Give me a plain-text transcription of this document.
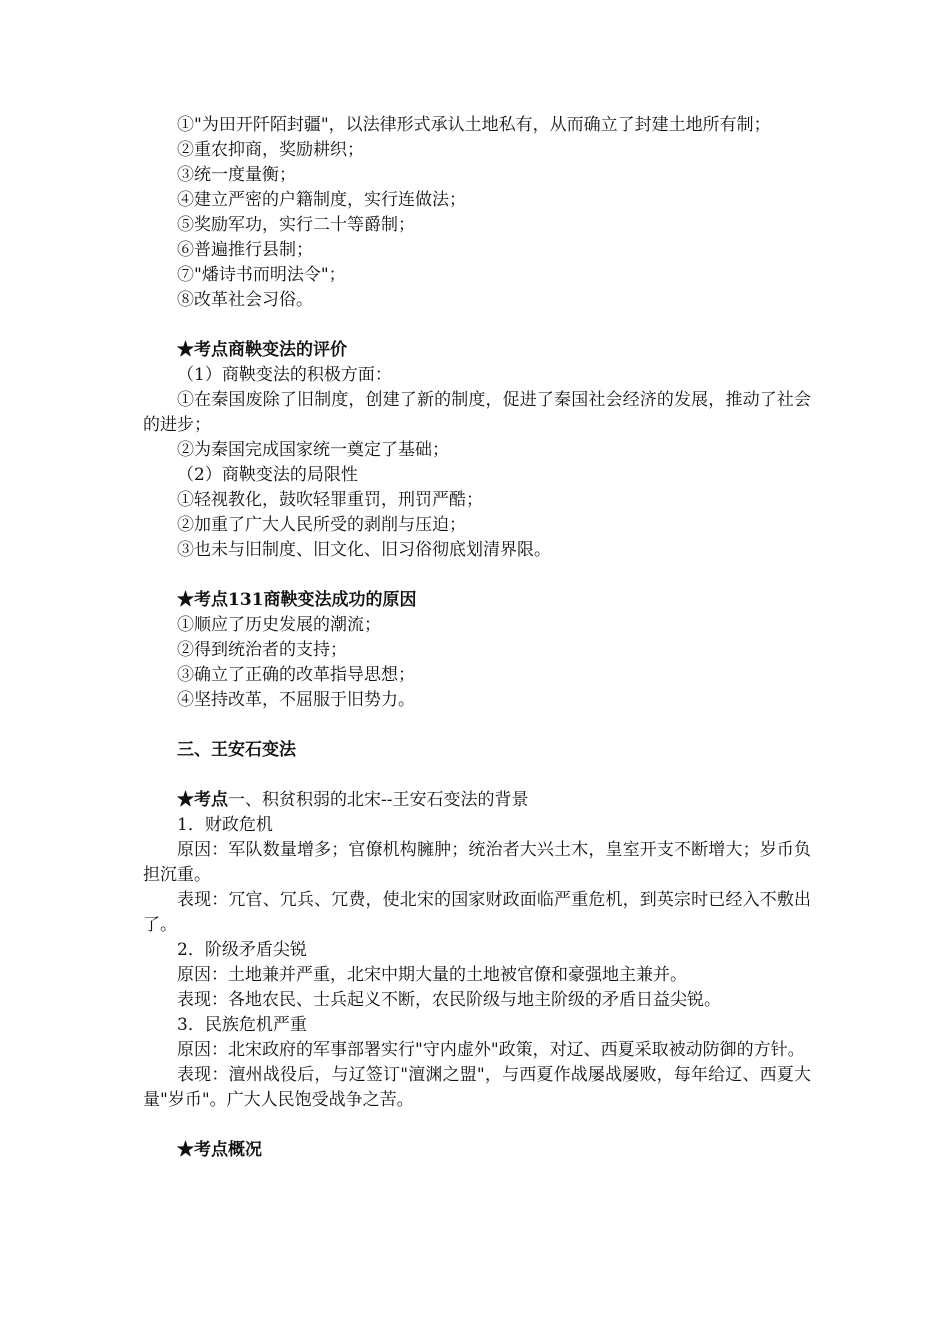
①"为田开阡陌封疆"，以法律形式承认土地私有，从而确立了封建土地所有制；

②重农抑商，奖励耕织；

③统一度量衡；

④建立严密的户籍制度，实行连做法；

⑤奖励军功，实行二十等爵制；

⑥普遍推行县制；

⑦"燔诗书而明法令"；

⑧改革社会习俗。

★考点商鞅变法的评价

（1）商鞅变法的积极方面：

①在秦国废除了旧制度，创建了新的制度，促进了秦国社会经济的发展，推动了社会的进步；

②为秦国完成国家统一奠定了基础；

（2）商鞅变法的局限性

①轻视教化，鼓吹轻罪重罚，刑罚严酷；

②加重了广大人民所受的剥削与压迫；

③也未与旧制度、旧文化、旧习俗彻底划清界限。

★考点131商鞅变法成功的原因

①顺应了历史发展的潮流；

②得到统治者的支持；

③确立了正确的改革指导思想；

④坚持改革，不屈服于旧势力。

三、王安石变法

★考点一、积贫积弱的北宋--王安石变法的背景

1．财政危机

原因：军队数量增多；官僚机构臃肿；统治者大兴土木，皇室开支不断增大；岁币负担沉重。

表现：冗官、冗兵、冗费，使北宋的国家财政面临严重危机，到英宗时已经入不敷出了。

2．阶级矛盾尖锐

原因：土地兼并严重，北宋中期大量的土地被官僚和豪强地主兼并。

表现：各地农民、士兵起义不断，农民阶级与地主阶级的矛盾日益尖锐。

3．民族危机严重

原因：北宋政府的军事部署实行"守内虚外"政策，对辽、西夏采取被动防御的方针。

表现：澶州战役后，与辽签订"澶渊之盟"，与西夏作战屡战屡败，每年给辽、西夏大量"岁币"。广大人民饱受战争之苦。

★考点概况
